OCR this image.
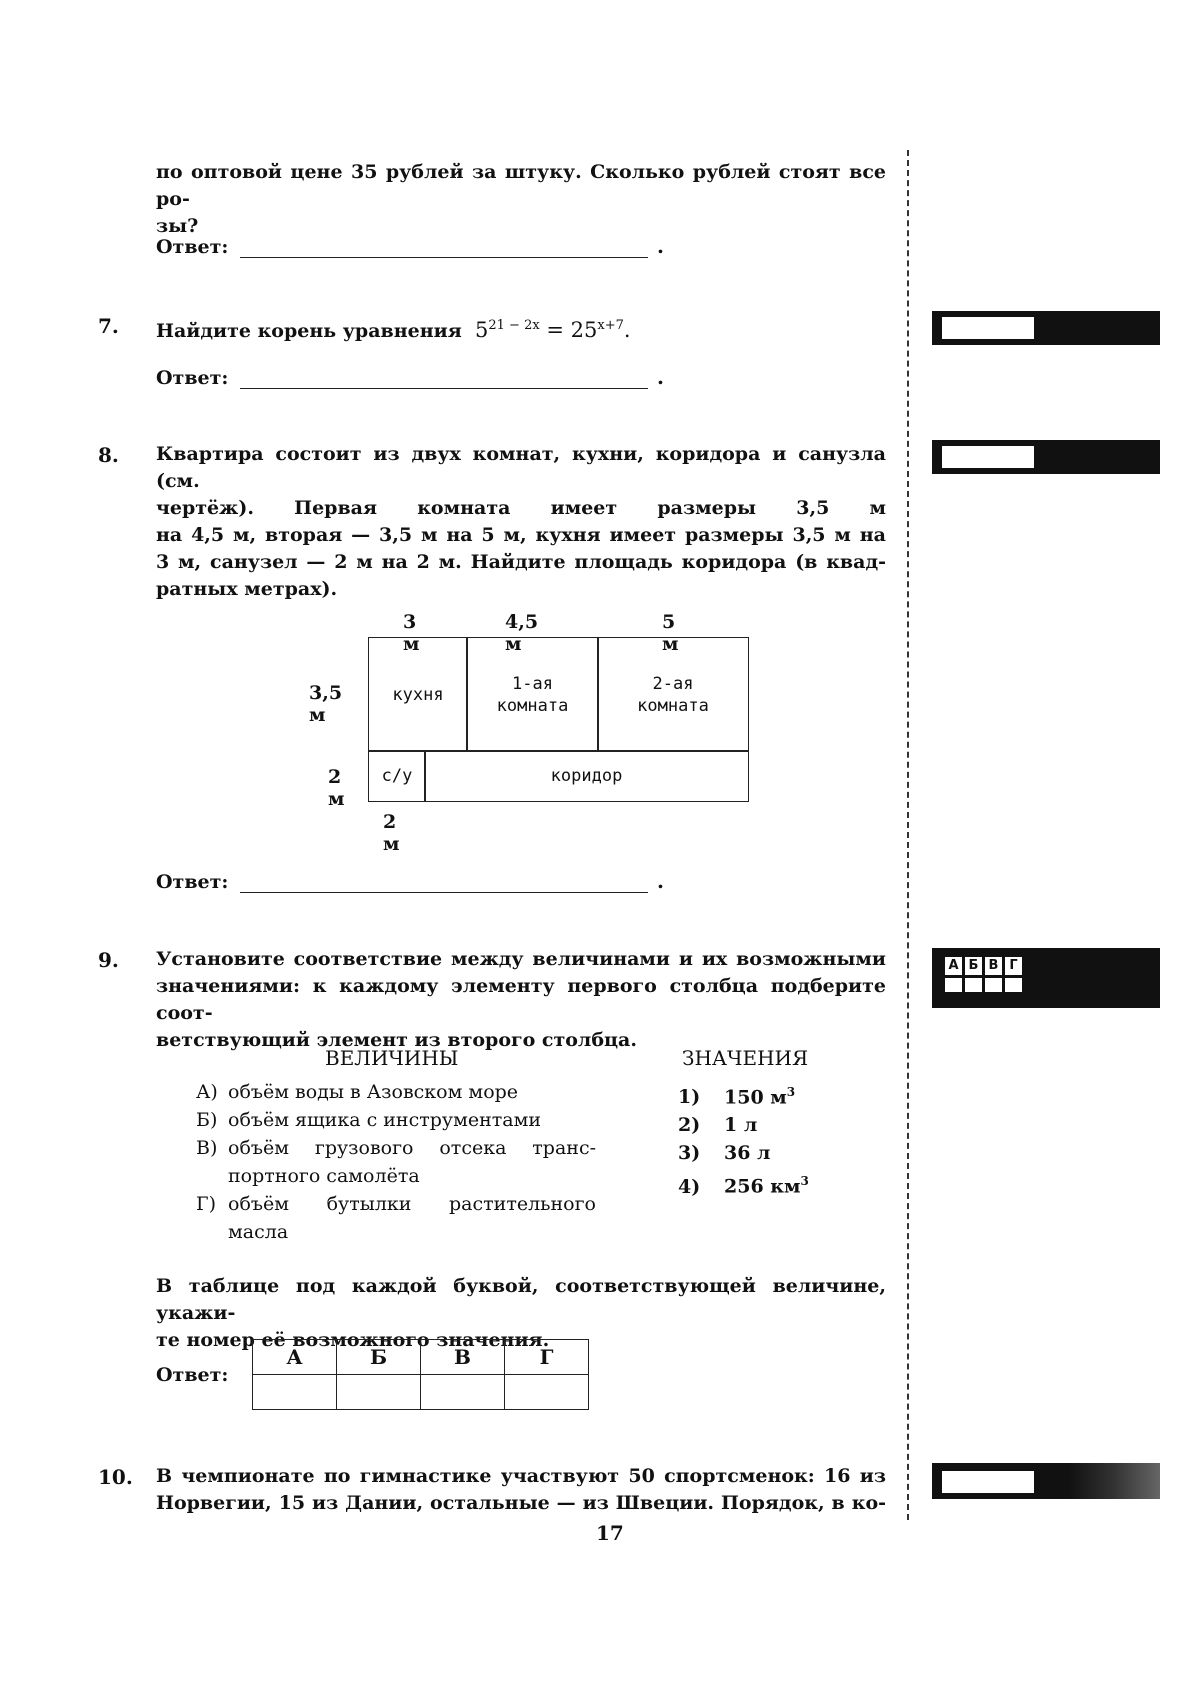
по оптовой цене 35 рублей за штуку. Сколько рублей стоят все ро-
зы?
Ответ:	.
7. Найдите корень уравнения $5^{21 - 2x} = 25^{x+7}$.
Ответ:	.
8. Квартира состоит из двух комнат, кухни, коридора и санузла (см.
чертёж). Первая комната имеет размеры 3,5 м
на 4,5 м, вторая — 3,5 м на 5 м, кухня имеет размеры 3,5 м на
3 м, санузел — 2 м на 2 м. Найдите площадь коридора (в квад-
ратных метрах).
3 м
4,5 м
5 м
3,5 м
2 м
2 м
кухня
1-ая
комната
2-ая
комната
с/у	коридор
Ответ:	.
9. Установите соответствие между величинами и их возможными
значениями: к каждому элементу первого столбца подберите соот-
ветствующий элемент из второго столбца.
А Б В Г
ВЕЛИЧИНЫ	ЗНАЧЕНИЯ
А) объём воды в Азовском море
Б) объём ящика с инструментами
В) объём грузового отсека транс-
портного самолёта
Г) объём бутылки растительного
масла
1) 150 $м^3$
2) 1 л
3) 36 л
4) 256 $км^3$
В таблице под каждой буквой, соответствующей величине, укажи-
те номер её возможного значения.
Ответ:
А	Б	В	Г

10. В чемпионате по гимнастике участвуют 50 спортсменок: 16 из
Норвегии, 15 из Дании, остальные — из Швеции. Порядок, в ко-
17
